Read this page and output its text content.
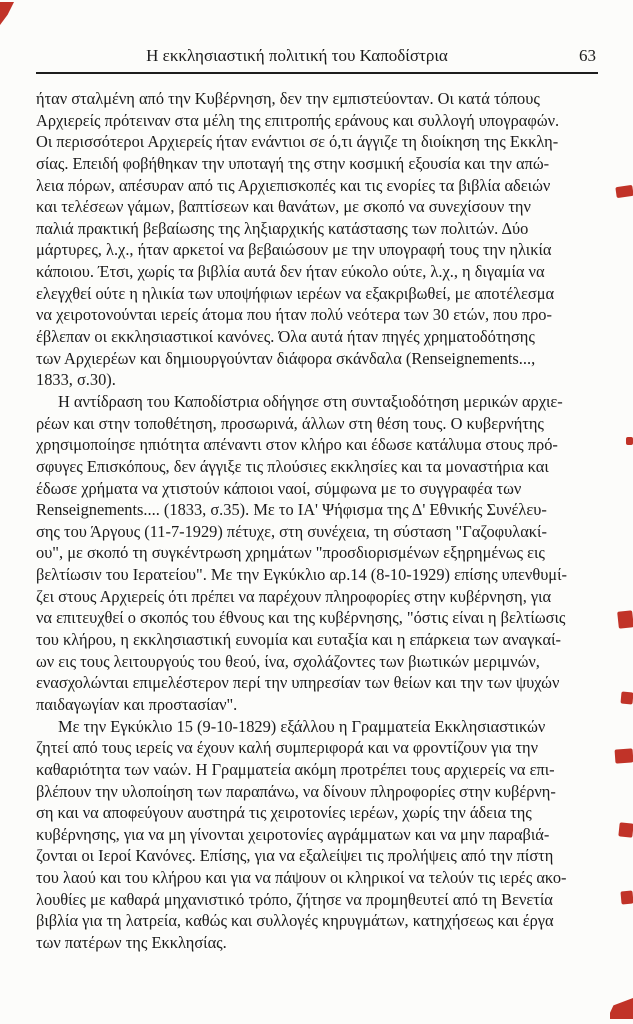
Η εκκλησιαστική πολιτική του Καποδίστρια	63
ήταν σταλμένη από την Κυβέρνηση, δεν την εμπιστεύονταν. Οι κατά τόπους
Αρχιερείς πρότειναν στα μέλη της επιτροπής εράνους και συλλογή υπογραφών.
Οι περισσότεροι Αρχιερείς ήταν ενάντιοι σε ό,τι άγγιζε τη διοίκηση της Εκκλη-
σίας. Επειδή φοβήθηκαν την υποταγή της στην κοσμική εξουσία και την απώ-
λεια πόρων, απέσυραν από τις Αρχιεπισκοπές και τις ενορίες τα βιβλία αδειών
και τελέσεων γάμων, βαπτίσεων και θανάτων, με σκοπό να συνεχίσουν την
παλιά πρακτική βεβαίωσης της ληξιαρχικής κατάστασης των πολιτών. Δύο
μάρτυρες, λ.χ., ήταν αρκετοί να βεβαιώσουν με την υπογραφή τους την ηλικία
κάποιου. Έτσι, χωρίς τα βιβλία αυτά δεν ήταν εύκολο ούτε, λ.χ., η διγαμία να
ελεγχθεί ούτε η ηλικία των υποψήφιων ιερέων να εξακριβωθεί, με αποτέλεσμα
να χειροτονούνται ιερείς άτομα που ήταν πολύ νεότερα των 30 ετών, που προ-
έβλεπαν οι εκκλησιαστικοί κανόνες. Όλα αυτά ήταν πηγές χρηματοδότησης
των Αρχιερέων και δημιουργούνταν διάφορα σκάνδαλα (Renseignements...,
1833, σ.30).
Η αντίδραση του Καποδίστρια οδήγησε στη συνταξιοδότηση μερικών αρχιε-
ρέων και στην τοποθέτηση, προσωρινά, άλλων στη θέση τους. Ο κυβερνήτης
χρησιμοποίησε ηπιότητα απέναντι στον κλήρο και έδωσε κατάλυμα στους πρό-
σφυγες Επισκόπους, δεν άγγιξε τις πλούσιες εκκλησίες και τα μοναστήρια και
έδωσε χρήματα να χτιστούν κάποιοι ναοί, σύμφωνα με το συγγραφέα των
Renseignements.... (1833, σ.35). Με το ΙΑ' Ψήφισμα της Δ' Εθνικής Συνέλευ-
σης του Άργους (11-7-1929) πέτυχε, στη συνέχεια, τη σύσταση "Γαζοφυλακί-
ου", με σκοπό τη συγκέντρωση χρημάτων "προσδιορισμένων εξηρημένως εις
βελτίωσιν του Ιερατείου". Με την Εγκύκλιο αρ.14 (8-10-1929) επίσης υπενθυμί-
ζει στους Αρχιερείς ότι πρέπει να παρέχουν πληροφορίες στην κυβέρνηση, για
να επιτευχθεί ο σκοπός του έθνους και της κυβέρνησης, "όστις είναι η βελτίωσις
του κλήρου, η εκκλησιαστική ευνομία και ευταξία και η επάρκεια των αναγκαί-
ων εις τους λειτουργούς του θεού, ίνα, σχολάζοντες των βιωτικών μεριμνών,
ενασχολώνται επιμελέστερον περί την υπηρεσίαν των θείων και την των ψυχών
παιδαγωγίαν και προστασίαν".
Με την Εγκύκλιο 15 (9-10-1829) εξάλλου η Γραμματεία Εκκλησιαστικών
ζητεί από τους ιερείς να έχουν καλή συμπεριφορά και να φροντίζουν για την
καθαριότητα των ναών. Η Γραμματεία ακόμη προτρέπει τους αρχιερείς να επι-
βλέπουν την υλοποίηση των παραπάνω, να δίνουν πληροφορίες στην κυβέρνη-
ση και να αποφεύγουν αυστηρά τις χειροτονίες ιερέων, χωρίς την άδεια της
κυβέρνησης, για να μη γίνονται χειροτονίες αγράμματων και να μην παραβιά-
ζονται οι Ιεροί Κανόνες. Επίσης, για να εξαλείψει τις προλήψεις από την πίστη
του λαού και του κλήρου και για να πάψουν οι κληρικοί να τελούν τις ιερές ακο-
λουθίες με καθαρά μηχανιστικό τρόπο, ζήτησε να προμηθευτεί από τη Βενετία
βιβλία για τη λατρεία, καθώς και συλλογές κηρυγμάτων, κατηχήσεως και έργα
των πατέρων της Εκκλησίας.
